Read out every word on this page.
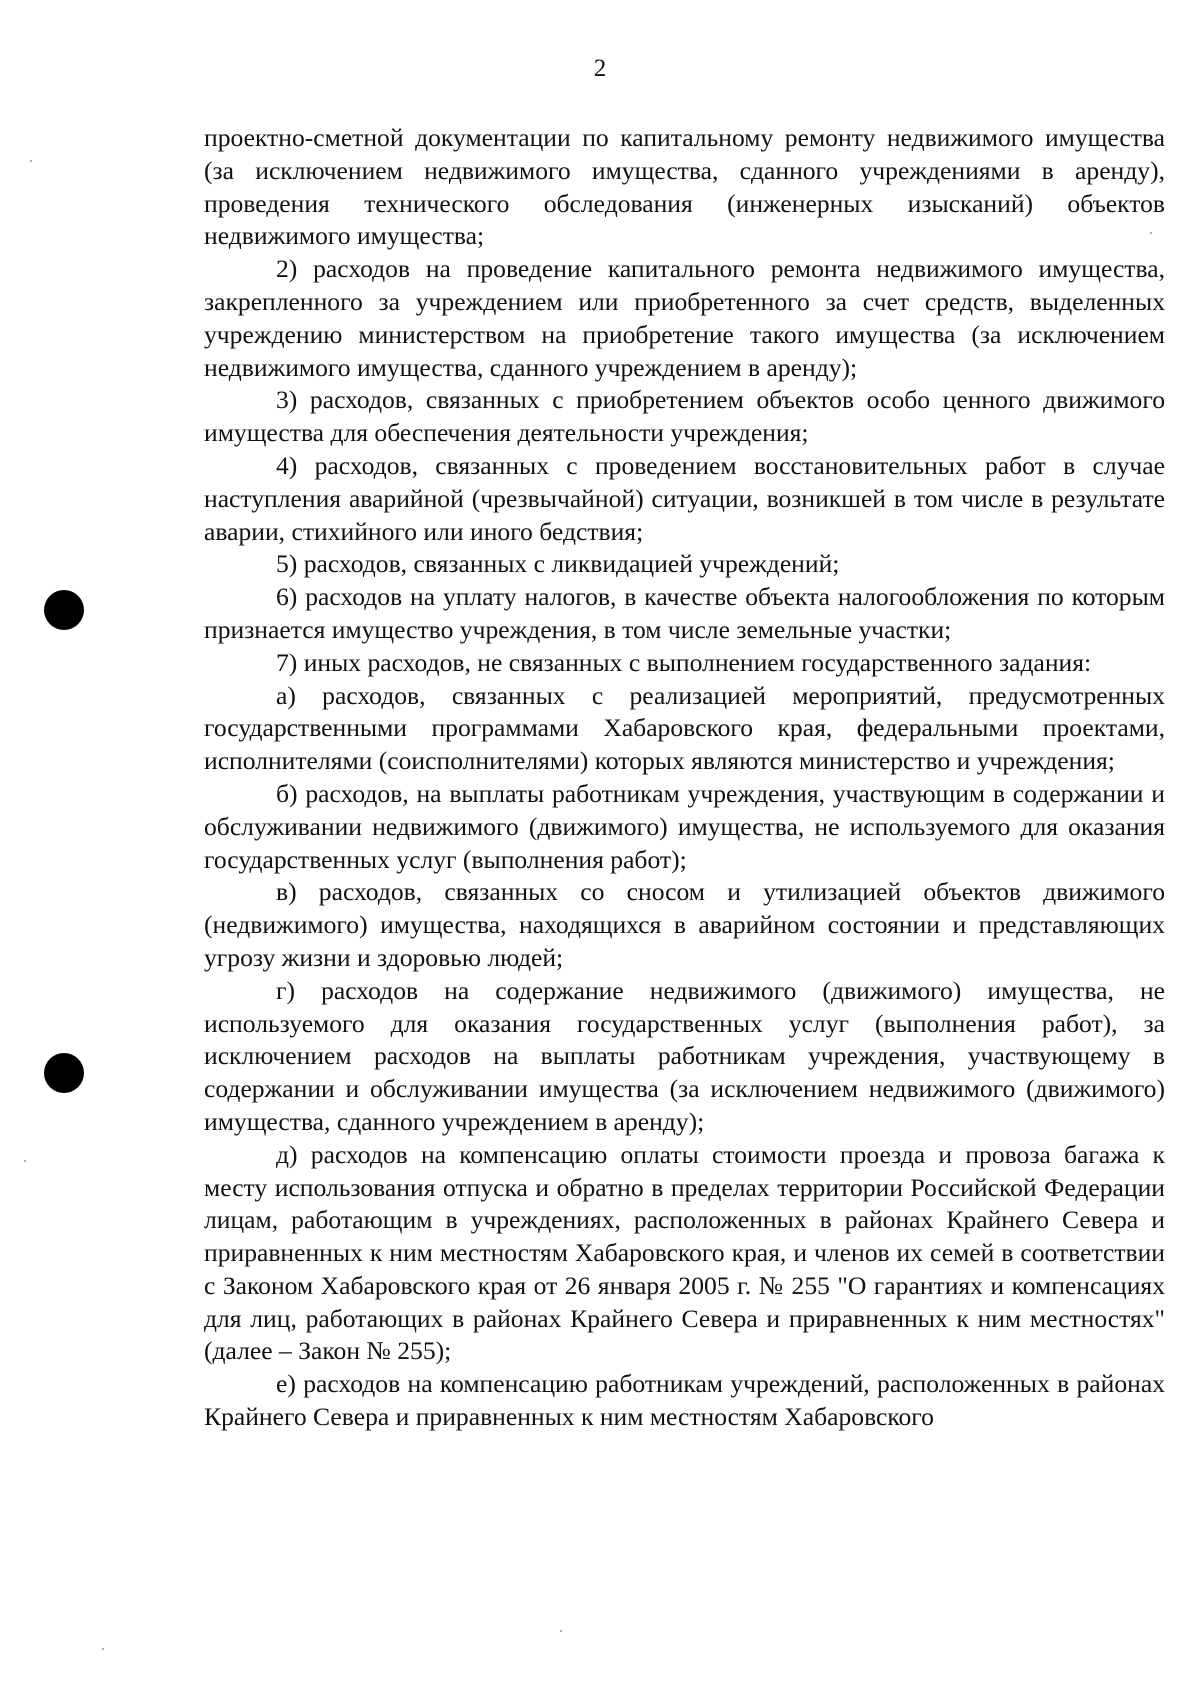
2

проектно-сметной документации по капитальному ремонту недвижимого имущества (за исключением недвижимого имущества, сданного учреждениями в аренду), проведения технического обследования (инженерных изысканий) объектов недвижимого имущества;

2) расходов на проведение капитального ремонта недвижимого имущества, закрепленного за учреждением или приобретенного за счет средств, выделенных учреждению министерством на приобретение такого имущества (за исключением недвижимого имущества, сданного учреждением в аренду);

3) расходов, связанных с приобретением объектов особо ценного движимого имущества для обеспечения деятельности учреждения;

4) расходов, связанных с проведением восстановительных работ в случае наступления аварийной (чрезвычайной) ситуации, возникшей в том числе в результате аварии, стихийного или иного бедствия;

5) расходов, связанных с ликвидацией учреждений;

6) расходов на уплату налогов, в качестве объекта налогообложения по которым признается имущество учреждения, в том числе земельные участки;

7) иных расходов, не связанных с выполнением государственного задания:

а) расходов, связанных с реализацией мероприятий, предусмотренных государственными программами Хабаровского края, федеральными проектами, исполнителями (соисполнителями) которых являются министерство и учреждения;

б) расходов, на выплаты работникам учреждения, участвующим в содержании и обслуживании недвижимого (движимого) имущества, не используемого для оказания государственных услуг (выполнения работ);

в) расходов, связанных со сносом и утилизацией объектов движимого (недвижимого) имущества, находящихся в аварийном состоянии и представляющих угрозу жизни и здоровью людей;

г) расходов на содержание недвижимого (движимого) имущества, не используемого для оказания государственных услуг (выполнения работ), за исключением расходов на выплаты работникам учреждения, участвующему в содержании и обслуживании имущества (за исключением недвижимого (движимого) имущества, сданного учреждением в аренду);

д) расходов на компенсацию оплаты стоимости проезда и провоза багажа к месту использования отпуска и обратно в пределах территории Российской Федерации лицам, работающим в учреждениях, расположенных в районах Крайнего Севера и приравненных к ним местностям Хабаровского края, и членов их семей в соответствии с Законом Хабаровского края от 26 января 2005 г. № 255 "О гарантиях и компенсациях для лиц, работающих в районах Крайнего Севера и приравненных к ним местностях" (далее – Закон № 255);

е) расходов на компенсацию работникам учреждений, расположенных в районах Крайнего Севера и приравненных к ним местностям Хабаровского
